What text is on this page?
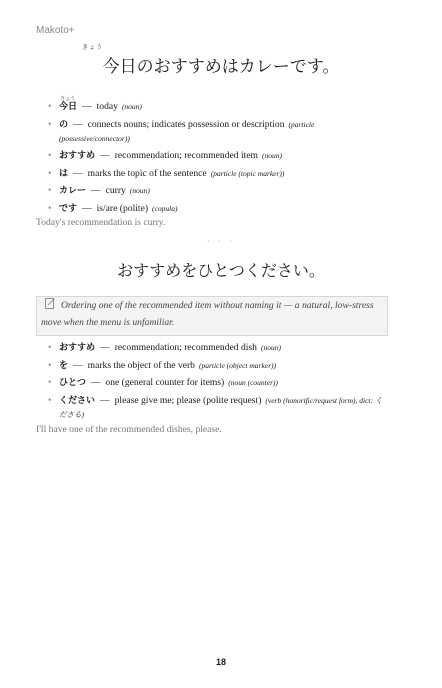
Makoto+
きょう
今日のおすすめはカレーです。
きょう
• 今日 — today (noun)
• の — connects nouns; indicates possession or description (particle (possessive/connector))
• おすすめ — recommendation; recommended item (noun)
• は — marks the topic of the sentence (particle (topic marker))
• カレー — curry (noun)
• です — is/are (polite) (copula)
Today's recommendation is curry.
· · ·
おすすめをひとつください。
Ordering one of the recommended item without naming it — a natural, low-stress move when the menu is unfamiliar.
• おすすめ — recommendation; recommended dish (noun)
• を — marks the object of the verb (particle (object marker))
• ひとつ — one (general counter for items) (noun (counter))
• ください — please give me; please (polite request) (verb (honorific/request form), dict: くださる)
I'll have one of the recommended dishes, please.
18
